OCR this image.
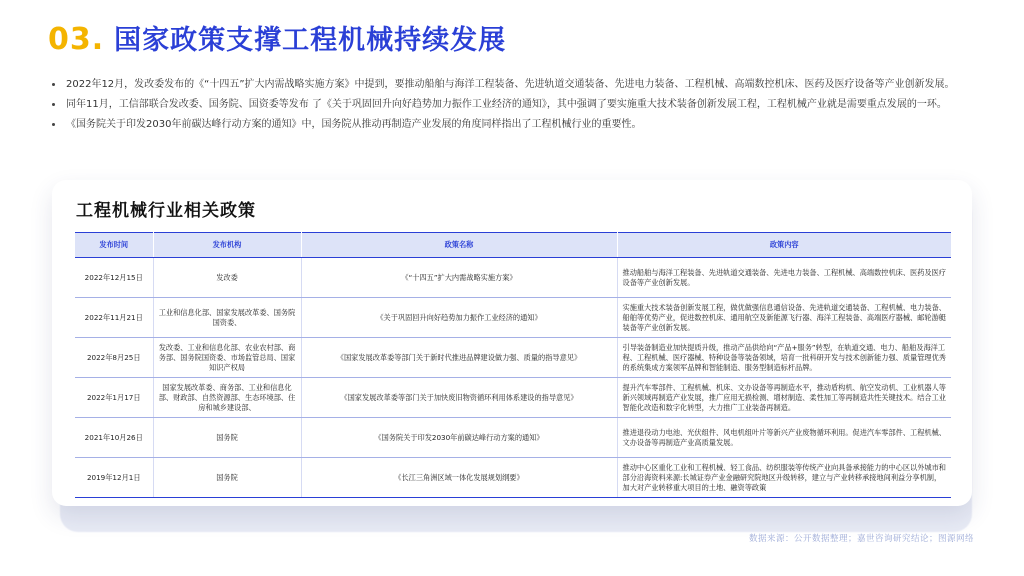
03. 国家政策支撑工程机械持续发展
2022年12月，发改委发布的《“十四五”扩大内需战略实施方案》中提到，要推动船舶与海洋工程装备、先进轨道交通装备、先进电力装备、工程机械、高端数控机床、医药及医疗设备等产业创新发展。
同年11月，工信部联合发改委、国务院、国资委等发布 了《关于巩固回升向好趋势加力振作工业经济的通知》，其中强调了要实施重大技术装备创新发展工程，工程机械产业就是需要重点发展的一环。
《国务院关于印发2030年前碳达峰行动方案的通知》中，国务院从推动再制造产业发展的角度同样指出了工程机械行业的重要性。
工程机械行业相关政策
发布时间	发布机构	政策名称	政策内容
2022年12月15日	发改委	《“十四五”扩大内需战略实施方案》	推动船舶与海洋工程装备、先进轨道交通装备、先进电力装备、工程机械、高端数控机床、医药及医疗设备等产业创新发展。
2022年11月21日	工业和信息化部、国家发展改革委、国务院国资委、	《关于巩固回升向好趋势加力振作工业经济的通知》	实施重大技术装备创新发展工程，做优做强信息通信设备、先进轨道交通装备、工程机械、电力装备、船舶等优势产业，促进数控机床、通用航空及新能源飞行器、海洋工程装备、高端医疗器械、邮轮游艇装备等产业创新发展。
2022年8月25日	发改委、工业和信息化部、农业农村部、商务部、国务院国资委、市场监管总局、国家知识产权局	《国家发展改革委等部门关于新时代推进品牌建设做力强、质量的指导意见》	引导装备制造业加快提质升级，推动产品供给向“产品+服务”转型，在轨道交通、电力、船舶及海洋工程、工程机械、医疗器械、特种设备等装备领域，培育一批科研开发与技术创新能力强、质量管理优秀的系统集成方案领军品牌和智能制造、服务型制造标杆品牌。
2022年1月17日	国家发展改革委、商务部、工业和信息化部、财政部、自然资源部、生态环境部、住房和城乡建设部、	《国家发展改革委等部门关于加快废旧物资循环利用体系建设的指导意见》	提升汽车零部件、工程机械、机床、文办设备等再制造水平，推动盾构机、航空发动机、工业机器人等新兴领域再制造产业发展，推广应用无损检测、增材制造、柔性加工等再制造共性关键技术。结合工业智能化改造和数字化转型，大力推广工业装备再制造。
2021年10月26日	国务院	《国务院关于印发2030年前碳达峰行动方案的通知》	推进退役动力电池、光伏组件、风电机组叶片等新兴产业废物循环利用。促进汽车零部件、工程机械、文办设备等再制造产业高质量发展。
2019年12月1日	国务院	《长江三角洲区域一体化发展规划纲要》	推动中心区重化工业和工程机械、轻工食品、纺织服装等传统产业向具备承接能力的中心区以外城市和部分沿海资料来源:长城证券产业金融研究院地区升级转移，建立与产业转移承接地间利益分享机制，加大对产业转移重大项目的土地、融资等政策
数据来源：公开数据整理；嘉世咨询研究结论；图源网络
